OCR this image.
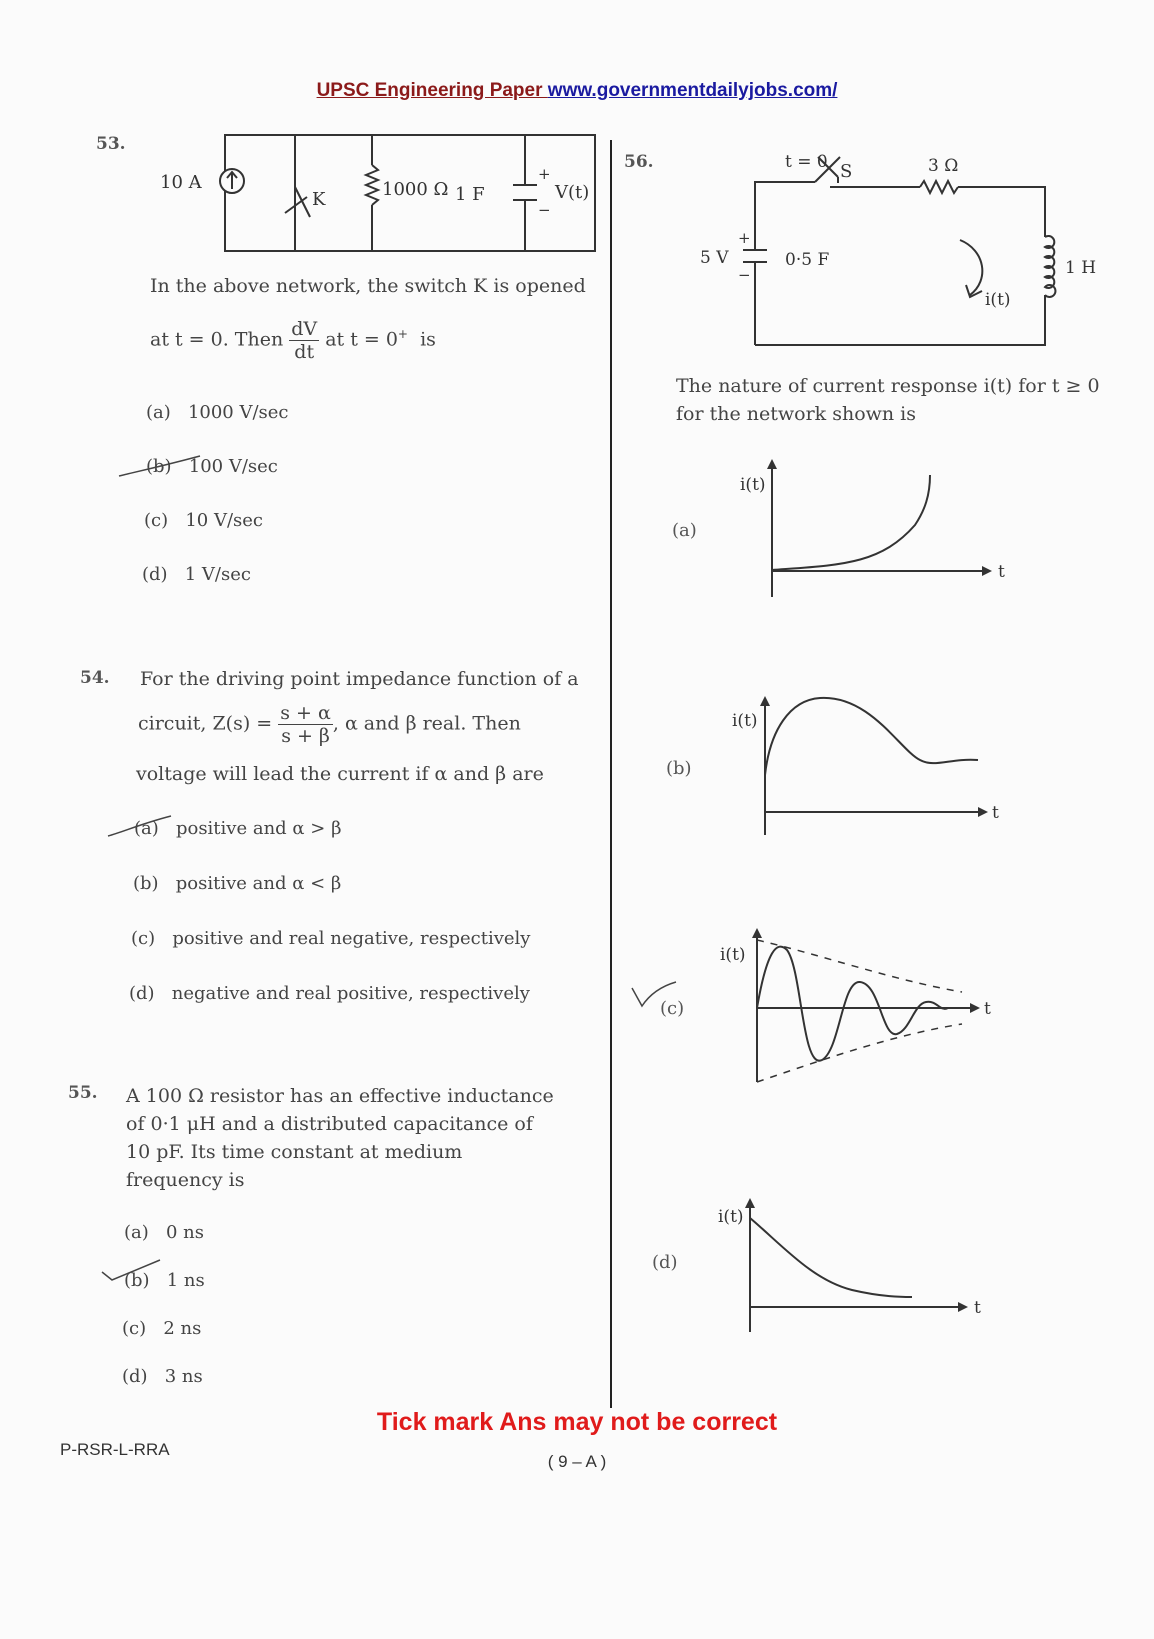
UPSC Engineering Paper www.governmentdailyjobs.com/
53.
10 A
K	1000 Ω 1 F
+
−
V(t)
In the above network, the switch K is opened
at t = 0. Then $\frac{dV}{dt}$ at t = 0+ is
(a) 1000 V/sec
(b) 100 V/sec
(c) 10 V/sec
(d) 1 V/sec
54. For the driving point impedance function of a
circuit, $Z(s) = \frac{s + \alpha}{s + \beta}$ , α and β real. Then
voltage will lead the current if α and β are
(a) positive and α > β
(b) positive and α < β
(c) positive and real negative, respectively
(d) negative and real positive, respectively
55. A 100 Ω resistor has an effective inductance
of 0·1 μH and a distributed capacitance of
10 pF. Its time constant at medium
frequency is
(a) 0 ns
(b) 1 ns
(c) 2 ns
(d) 3 ns
56.	t = 0 S	3 Ω
+
−
5 V	0·5 F	1 H
i(t)
The nature of current response i(t) for t ≥ 0
for the network shown is
(a)
i(t)
t
(b)
i(t)
t
(c)
i(t)
t
(d)
i(t)
t
Tick mark Ans may not be correct
P-RSR-L-RRA
( 9 – A )
